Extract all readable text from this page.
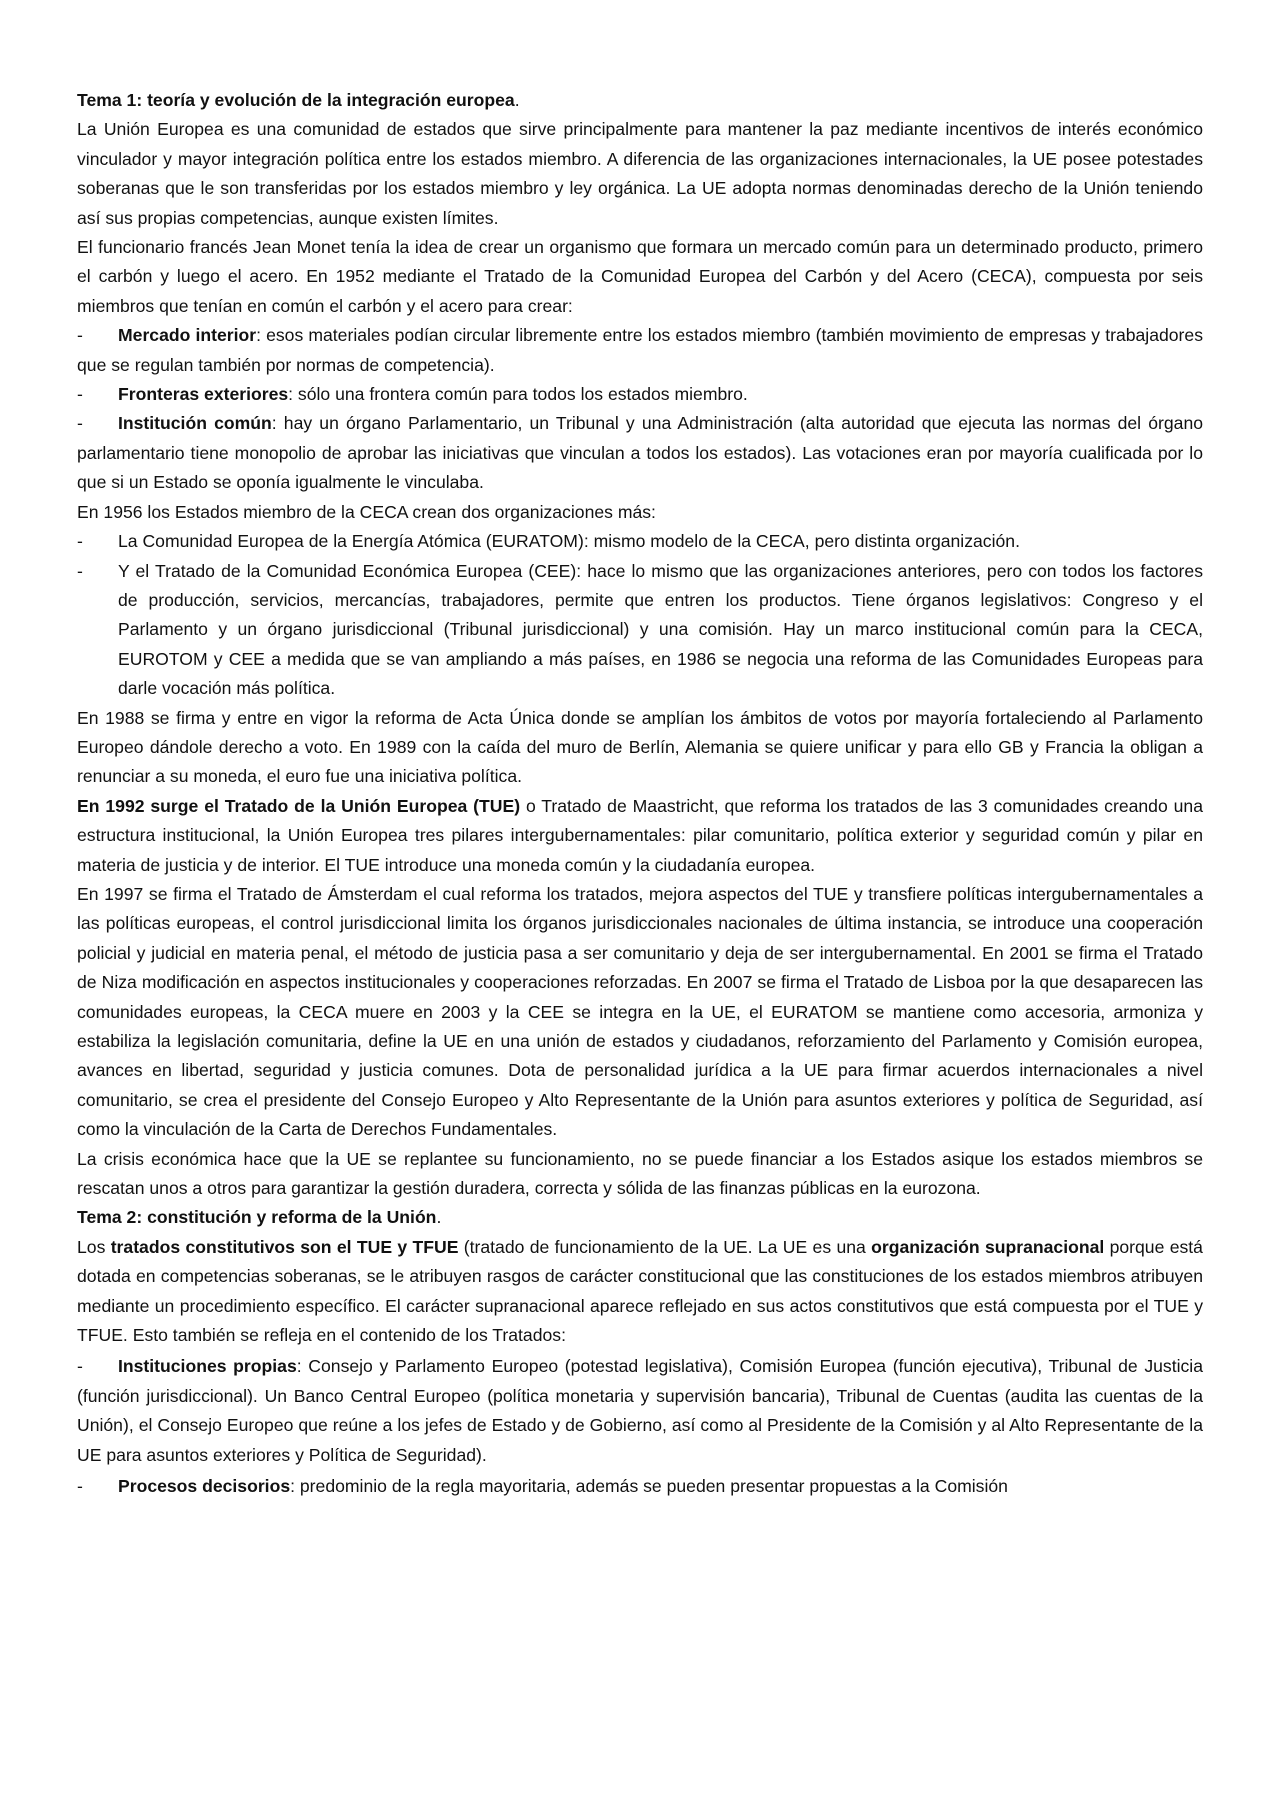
Tema 1: teoría y evolución de la integración europea.

La Unión Europea es una comunidad de estados que sirve principalmente para mantener la paz mediante incentivos de interés económico vinculador y mayor integración política entre los estados miembro. A diferencia de las organizaciones internacionales, la UE posee potestades soberanas que le son transferidas por los estados miembro y ley orgánica. La UE adopta normas denominadas derecho de la Unión teniendo así sus propias competencias, aunque existen límites.

El funcionario francés Jean Monet tenía la idea de crear un organismo que formara un mercado común para un determinado producto, primero el carbón y luego el acero. En 1952 mediante el Tratado de la Comunidad Europea del Carbón y del Acero (CECA), compuesta por seis miembros que tenían en común el carbón y el acero para crear:

- Mercado interior: esos materiales podían circular libremente entre los estados miembro (también movimiento de empresas y trabajadores que se regulan también por normas de competencia).

- Fronteras exteriores: sólo una frontera común para todos los estados miembro.

- Institución común: hay un órgano Parlamentario, un Tribunal y una Administración (alta autoridad que ejecuta las normas del órgano parlamentario tiene monopolio de aprobar las iniciativas que vinculan a todos los estados). Las votaciones eran por mayoría cualificada por lo que si un Estado se oponía igualmente le vinculaba.

En 1956 los Estados miembro de la CECA crean dos organizaciones más:

-	La Comunidad Europea de la Energía Atómica (EURATOM): mismo modelo de la CECA, pero distinta organización.

-	Y el Tratado de la Comunidad Económica Europea (CEE): hace lo mismo que las organizaciones anteriores, pero con todos los factores de producción, servicios, mercancías, trabajadores, permite que entren los productos. Tiene órganos legislativos: Congreso y el Parlamento y un órgano jurisdiccional (Tribunal jurisdiccional) y una comisión. Hay un marco institucional común para la CECA, EUROTOM y CEE a medida que se van ampliando a más países, en 1986 se negocia una reforma de las Comunidades Europeas para darle vocación más política.

En 1988 se firma y entre en vigor la reforma de Acta Única donde se amplían los ámbitos de votos por mayoría fortaleciendo al Parlamento Europeo dándole derecho a voto. En 1989 con la caída del muro de Berlín, Alemania se quiere unificar y para ello GB y Francia la obligan a renunciar a su moneda, el euro fue una iniciativa política.

En 1992 surge el Tratado de la Unión Europea (TUE) o Tratado de Maastricht, que reforma los tratados de las 3 comunidades creando una estructura institucional, la Unión Europea tres pilares intergubernamentales: pilar comunitario, política exterior y seguridad común y pilar en materia de justicia y de interior. El TUE introduce una moneda común y la ciudadanía europea.

En 1997 se firma el Tratado de Ámsterdam el cual reforma los tratados, mejora aspectos del TUE y transfiere políticas intergubernamentales a las políticas europeas, el control jurisdiccional limita los órganos jurisdiccionales nacionales de última instancia, se introduce una cooperación policial y judicial en materia penal, el método de justicia pasa a ser comunitario y deja de ser intergubernamental. En 2001 se firma el Tratado de Niza modificación en aspectos institucionales y cooperaciones reforzadas. En 2007 se firma el Tratado de Lisboa por la que desaparecen las comunidades europeas, la CECA muere en 2003 y la CEE se integra en la UE, el EURATOM se mantiene como accesoria, armoniza y estabiliza la legislación comunitaria, define la UE en una unión de estados y ciudadanos, reforzamiento del Parlamento y Comisión europea, avances en libertad, seguridad y justicia comunes. Dota de personalidad jurídica a la UE para firmar acuerdos internacionales a nivel comunitario, se crea el presidente del Consejo Europeo y Alto Representante de la Unión para asuntos exteriores y política de Seguridad, así como la vinculación de la Carta de Derechos Fundamentales.

La crisis económica hace que la UE se replantee su funcionamiento, no se puede financiar a los Estados asique los estados miembros se rescatan unos a otros para garantizar la gestión duradera, correcta y sólida de las finanzas públicas en la eurozona.

Tema 2: constitución y reforma de la Unión.

Los tratados constitutivos son el TUE y TFUE (tratado de funcionamiento de la UE. La UE es una organización supranacional porque está dotada en competencias soberanas, se le atribuyen rasgos de carácter constitucional que las constituciones de los estados miembros atribuyen mediante un procedimiento específico. El carácter supranacional aparece reflejado en sus actos constitutivos que está compuesta por el TUE y TFUE. Esto también se refleja en el contenido de los Tratados:

- Instituciones propias: Consejo y Parlamento Europeo (potestad legislativa), Comisión Europea (función ejecutiva), Tribunal de Justicia (función jurisdiccional). Un Banco Central Europeo (política monetaria y supervisión bancaria), Tribunal de Cuentas (audita las cuentas de la Unión), el Consejo Europeo que reúne a los jefes de Estado y de Gobierno, así como al Presidente de la Comisión y al Alto Representante de la UE para asuntos exteriores y Política de Seguridad).

- Procesos decisorios: predominio de la regla mayoritaria, además se pueden presentar propuestas a la Comisión
